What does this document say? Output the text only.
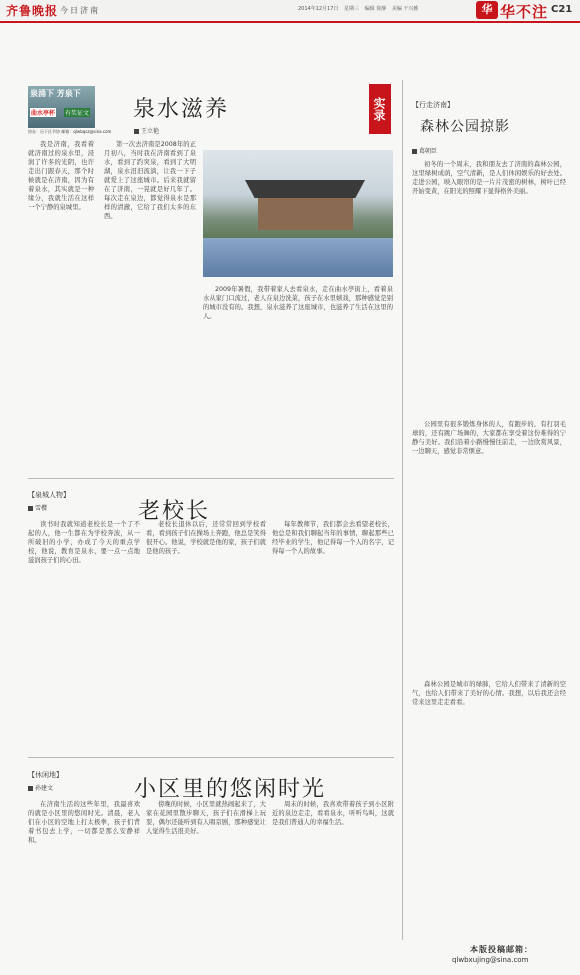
齐鲁晚报 今日济南	2014年12月17日 星期三 编辑 徐静 美编 干兴雅	华 华不注 C21
泉涌下 芳泉下
曲水亭杯 有奖征文
协办：历下区节协 邮箱：qlwbqsz@sina.com
泉水滋养
王立艳
实录
我是济南，我看着就济南过的泉水里，浸润了许多的光阴，也许走出门跟春天，那个时候就是在济南，因为有着泉水，其实就是一种缘分，我就生活在这样一个宁静的泉城里。
第一次去济南是2008年的正月初八，当时我在济南看到了泉水，看到了趵突泉，看到了大明湖，泉水汨汨流淌，让我一下子就爱上了这座城市。后来我就留在了济南，一晃就是好几年了。每次走在泉边，都觉得泉水是那样的清澈，它给了我们太多的东西。
2009年暑假，我带着家人去看泉水，走在曲水亭街上，看着泉水从家门口流过，老人在泉边洗菜，孩子在水里嬉戏，那种感觉是别的城市没有的。我想，泉水滋养了这座城市，也滋养了生活在这里的人。
【泉城人物】
雪樱	老校长
读书时我就知道老校长是一个了不起的人，他一生都在为学校奔波，从一所破旧的小学，办成了今天的重点学校，他说，教育是泉水，要一点一点地滋润孩子们的心田。
老校长退休以后，还常常回到学校看看，看到孩子们在操场上奔跑，他总是笑得很开心。他说，学校就是他的家，孩子们就是他的孩子。
每年教师节，我们都会去看望老校长，他总是和我们聊起当年的事情，聊起那些已经毕业的学生，他记得每一个人的名字，记得每一个人的故事。
【休闲地】
孙建文	小区里的悠闲时光
在济南生活的这些年里，我最喜欢的就是小区里的悠闲时光。清晨，老人们在小区的空地上打太极拳，孩子们背着书包去上学，一切都是那么安静祥和。
傍晚的时候，小区里就热闹起来了，大家在花园里散步聊天，孩子们在滑梯上玩耍，偶尔还能听到有人唱京剧，那种感觉让人觉得生活很美好。
周末的时候，我喜欢带着孩子到小区附近的泉边走走，看看泉水，听听鸟叫，这就是我们普通人的幸福生活。
【行走济南】
森林公园掠影
葛朝臣
初冬的一个周末，我和朋友去了济南的森林公园，这里绿树成荫，空气清新，是人们休闲娱乐的好去处。走进公园，映入眼帘的是一片片茂密的树林，树叶已经开始变黄，在阳光的照耀下显得格外美丽。
公园里有很多锻炼身体的人，有跑步的，有打羽毛球的，还有跳广场舞的，大家都在享受着这份难得的宁静与美好。我们沿着小路慢慢往前走，一边欣赏风景，一边聊天，感觉非常惬意。
森林公园是城市的绿肺，它给人们带来了清新的空气，也给人们带来了美好的心情。我想，以后我还会经常来这里走走看看。
本版投稿邮箱：
qlwbxujing@sina.com
